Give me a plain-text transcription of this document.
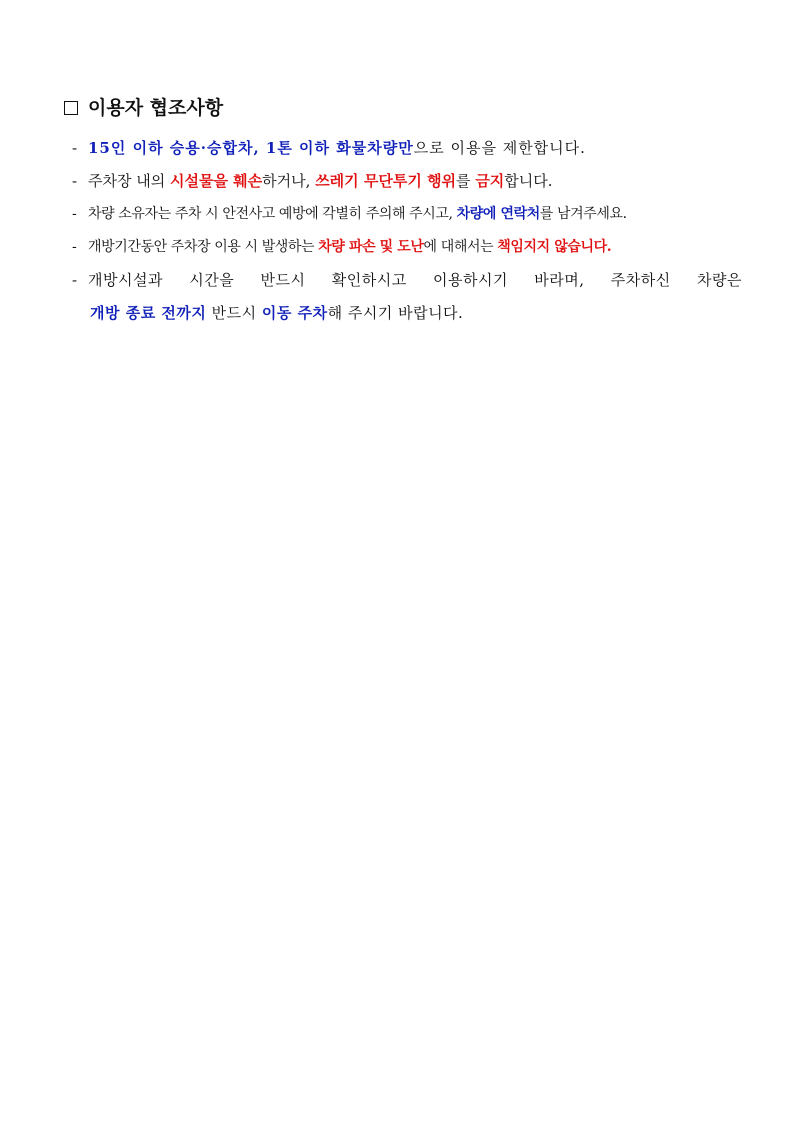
이용자 협조사항
- 15인 이하 승용·승합차, 1톤 이하 화물차량만으로 이용을 제한합니다.
- 주차장 내의 시설물을 훼손하거나, 쓰레기 무단투기 행위를 금지합니다.
- 차량 소유자는 주차 시 안전사고 예방에 각별히 주의해 주시고, 차량에 연락처를 남겨주세요.
- 개방기간동안 주차장 이용 시 발생하는 차량 파손 및 도난에 대해서는 책임지지 않습니다.
- 개방시설과 시간을 반드시 확인하시고 이용하시기 바라며, 주차하신 차량은
개방 종료 전까지 반드시 이동 주차해 주시기 바랍니다.
